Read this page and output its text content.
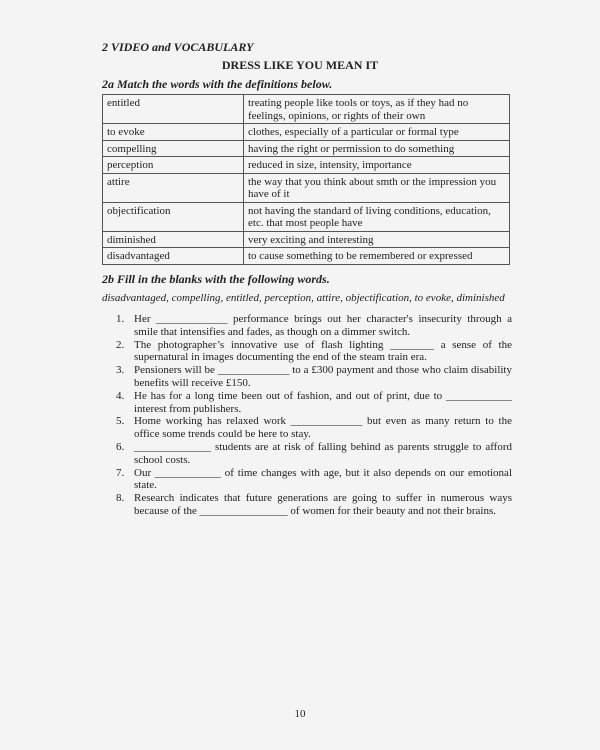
2 VIDEO and VOCABULARY
DRESS LIKE YOU MEAN IT
2a Match the words with the definitions below.
entitled	treating people like tools or toys, as if they had no feelings, opinions, or rights of their own
to evoke	clothes, especially of a particular or formal type
compelling	having the right or permission to do something
perception	reduced in size, intensity, importance
attire	the way that you think about smth or the impression you have of it
objectification	not having the standard of living conditions, education, etc. that most people have
diminished	very exciting and interesting
disadvantaged	to cause something to be remembered or expressed
2b Fill in the blanks with the following words.
disadvantaged, compelling, entitled, perception, attire, objectification, to evoke, diminished
1. Her _____________ performance brings out her character's insecurity through a smile that intensifies and fades, as though on a dimmer switch.
2. The photographer’s innovative use of flash lighting ________ a sense of the supernatural in images documenting the end of the steam train era.
3. Pensioners will be _____________ to a £300 payment and those who claim disability benefits will receive £150.
4. He has for a long time been out of fashion, and out of print, due to ____________ interest from publishers.
5. Home working has relaxed work _____________ but even as many return to the office some trends could be here to stay.
6. ______________ students are at risk of falling behind as parents struggle to afford school costs.
7. Our ____________ of time changes with age, but it also depends on our emotional state.
8. Research indicates that future generations are going to suffer in numerous ways because of the ________________ of women for their beauty and not their brains.
10
